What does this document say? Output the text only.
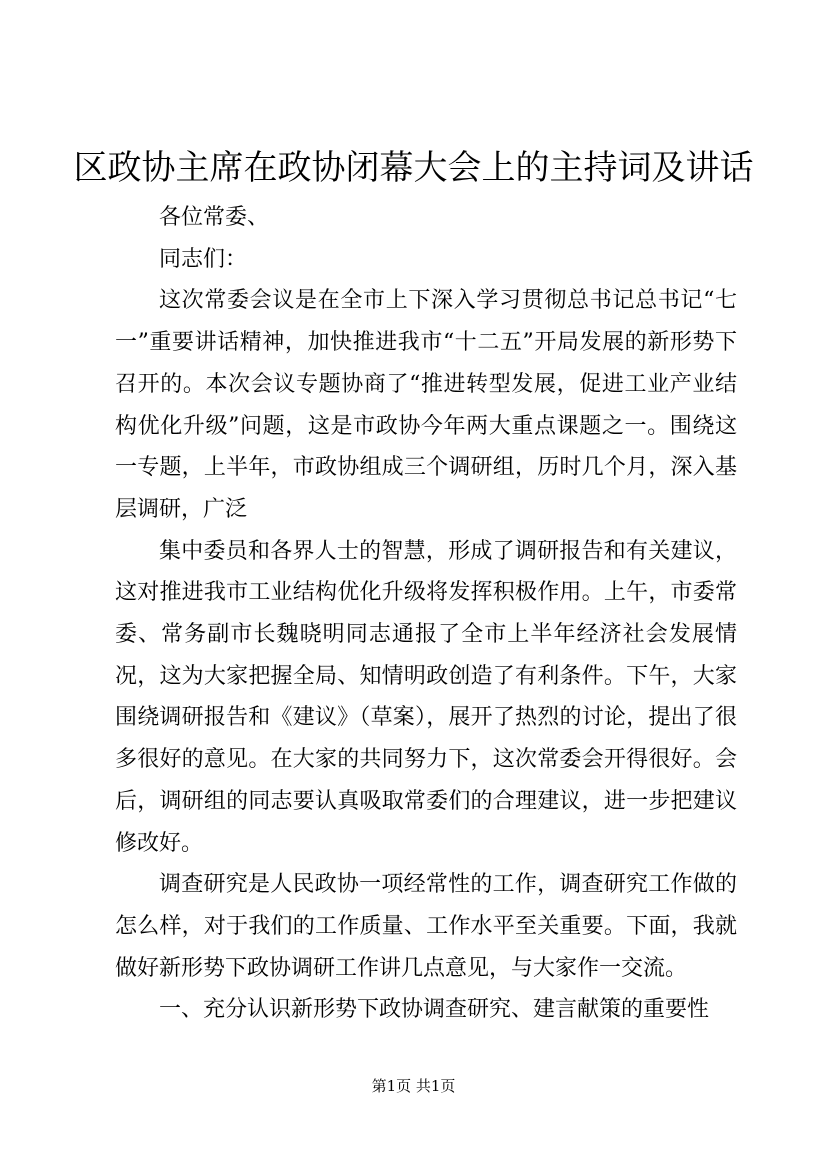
区政协主席在政协闭幕大会上的主持词及讲话

各位常委、

同志们：

这次常委会议是在全市上下深入学习贯彻总书记总书记“七一”重要讲话精神，加快推进我市“十二五”开局发展的新形势下召开的。本次会议专题协商了“推进转型发展，促进工业产业结构优化升级”问题，这是市政协今年两大重点课题之一。围绕这一专题，上半年，市政协组成三个调研组，历时几个月，深入基层调研，广泛

集中委员和各界人士的智慧，形成了调研报告和有关建议，这对推进我市工业结构优化升级将发挥积极作用。上午，市委常委、常务副市长魏晓明同志通报了全市上半年经济社会发展情况，这为大家把握全局、知情明政创造了有利条件。下午，大家围绕调研报告和《建议》（草案），展开了热烈的讨论，提出了很多很好的意见。在大家的共同努力下，这次常委会开得很好。会后，调研组的同志要认真吸取常委们的合理建议，进一步把建议修改好。

调查研究是人民政协一项经常性的工作，调查研究工作做的怎么样，对于我们的工作质量、工作水平至关重要。下面，我就做好新形势下政协调研工作讲几点意见，与大家作一交流。

一、充分认识新形势下政协调查研究、建言献策的重要性

第1页 共1页
